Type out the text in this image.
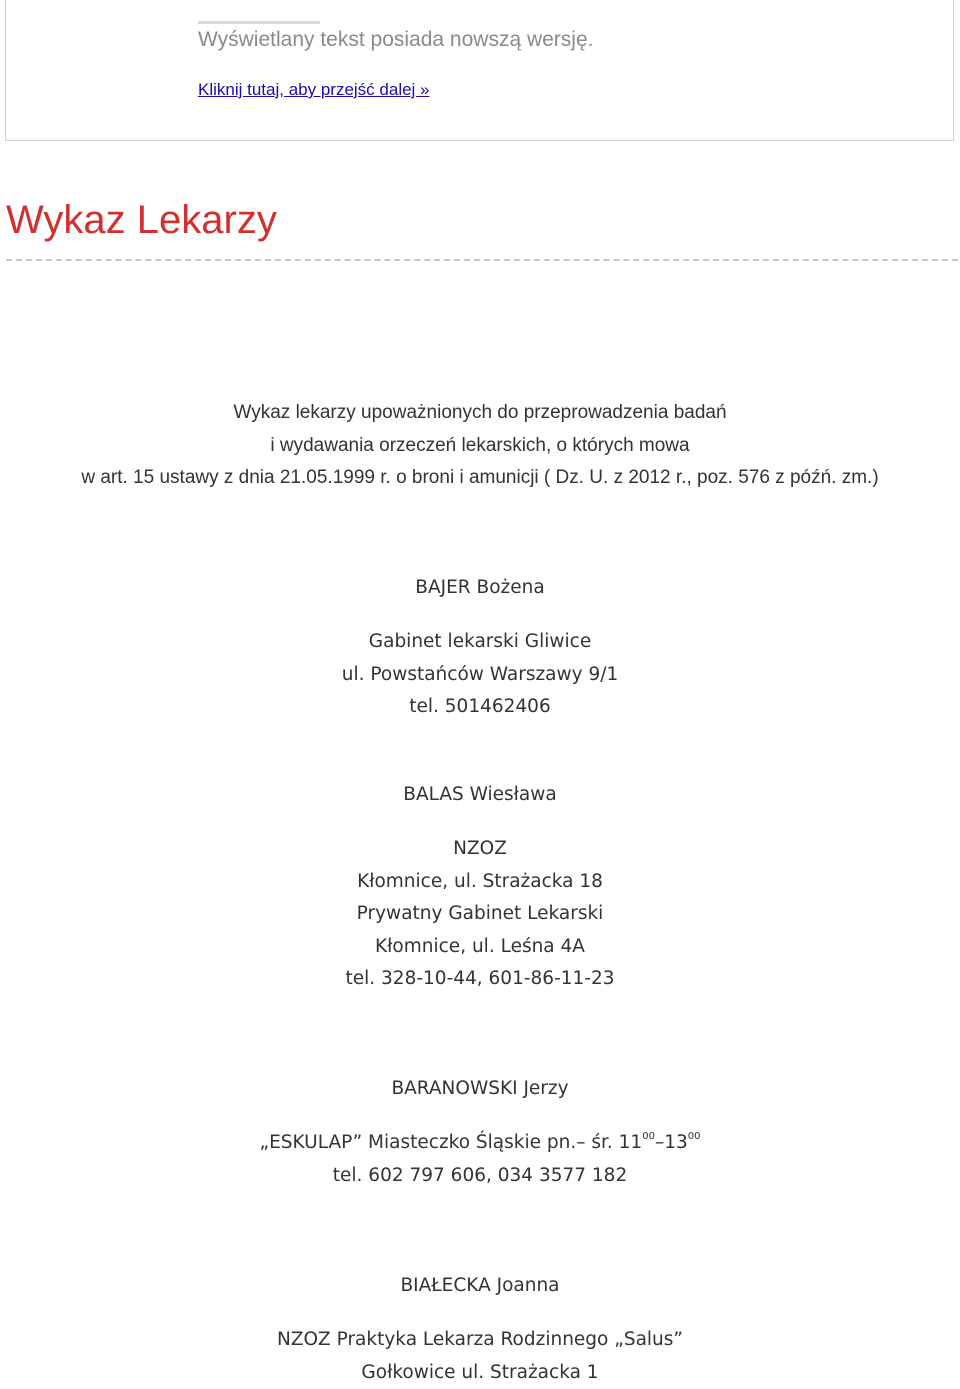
Wyświetlany tekst posiada nowszą wersję.
Kliknij tutaj, aby przejść dalej »
Wykaz Lekarzy
Wykaz lekarzy upoważnionych do przeprowadzenia badań
i wydawania orzeczeń lekarskich, o których mowa
w art. 15 ustawy z dnia 21.05.1999 r. o broni i amunicji ( Dz. U. z 2012 r., poz. 576 z późń. zm.)
BAJER Bożena
Gabinet lekarski Gliwice
ul. Powstańców Warszawy 9/1
tel. 501462406
BALAS Wiesława
NZOZ
Kłomnice, ul. Strażacka 18
Prywatny Gabinet Lekarski
Kłomnice, ul. Leśna 4A
tel. 328-10-44, 601-86-11-23
BARANOWSKI Jerzy
„ESKULAP” Miasteczko Śląskie pn.– śr. $11^{00}-13^{00}$
tel. 602 797 606, 034 3577 182
BIAŁECKA Joanna
NZOZ Praktyka Lekarza Rodzinnego „Salus”
Gołkowice ul. Strażacka 1
